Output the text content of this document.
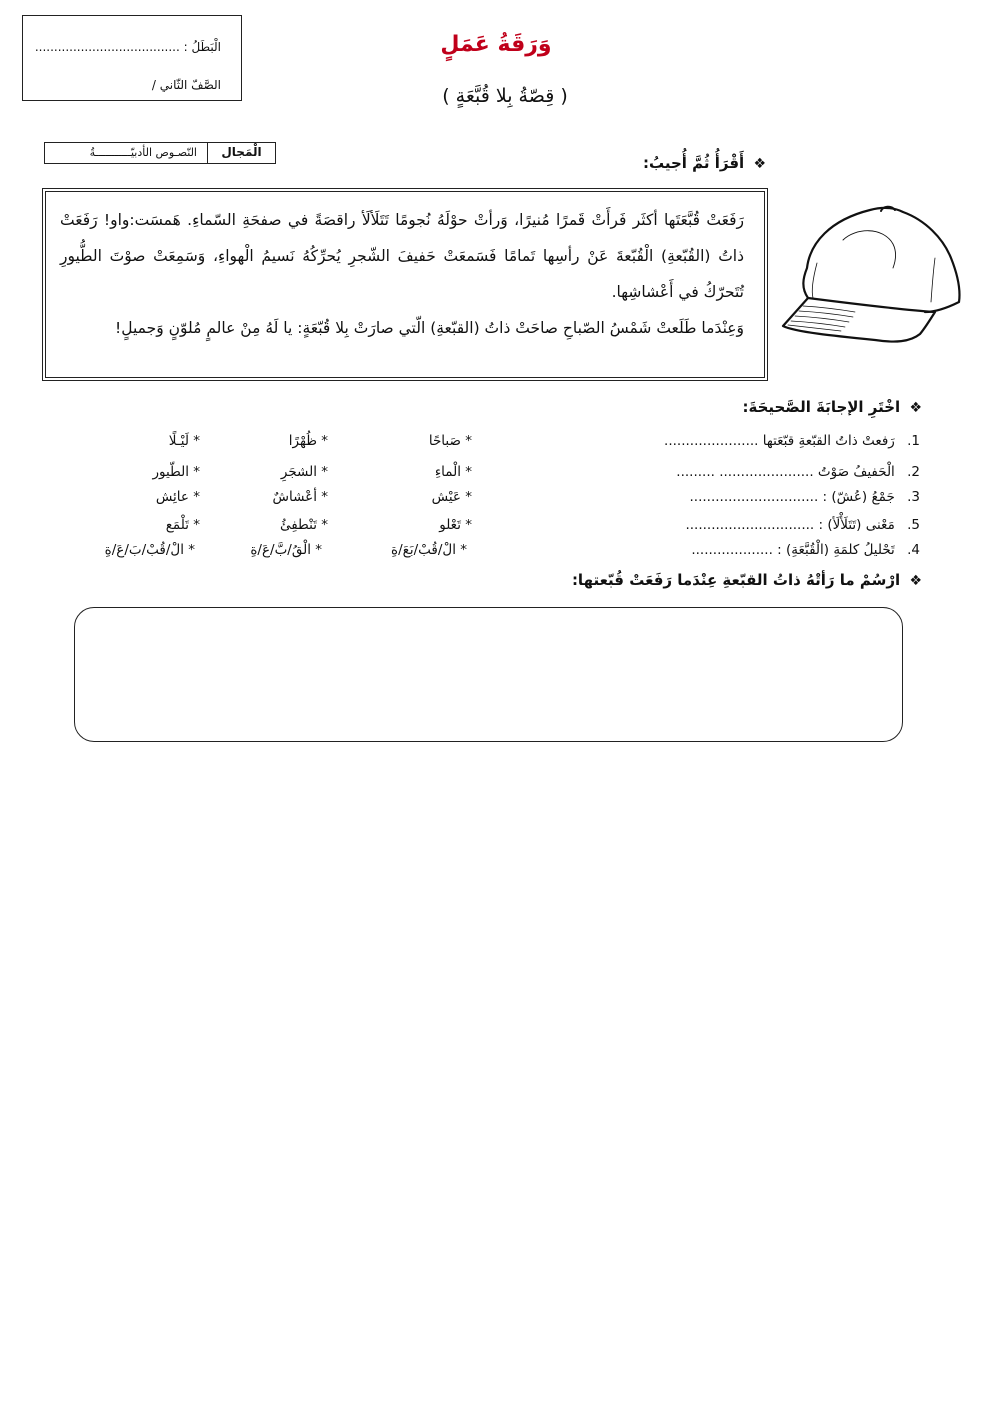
الْبَطَلُ : ......................................
الصَّفّ الثّاني /
وَرَقَةُ عَمَلٍ
( قِصّةُ بِلا قُبَّعَةٍ )
الْمَجال
النّصـوص الأدبيّـــــــــــةُ
❖ أَقْرَأُ ثُمَّ أُجيبُ:

رَفَعَتْ قُبَّعَتَها أكثَر فَرأَتْ قَمرًا مُنيرًا، وَرأتْ حوْلَهُ نُجومًا تَتَلَألَأ راقصَةً في صفحَةِ السّماءِ. هَمسَت:واو! رَفَعَتْ ذاتُ (القُبّعةِ) الْقُبّعةَ عَنْ رأسِها تَمامًا فَسَمعَتْ حَفيفَ الشّجرِ يُحرِّكُهُ نَسيمُ الْهواءِ، وَسَمِعَتْ صوْتَ الطُّيورِ تُتَحرّكُ في أَعْشاشِها.

وَعِنْدَما طَلَعتْ شَمْسُ الصّباحِ صاحَتْ ذاتُ (القبّعةِ) الّتي صارَتْ بِلا قُبّعَةٍ: يا لَهُ مِنْ عالمٍ مُلوّنٍ وَجميلٍ!

❖ اخْتَرِ الإجابَةَ الصَّحيحَةَ:
1. رَفعتْ ذاتُ القبّعةِ قبّعَتها ......................
* صَباحًا
* ظُهْرًا
* لَيْـلًا
2. الْحَفيفُ صَوْتُ ...................... .........
* الْماءِ
* الشجَرِ
* الطّيور
3. جَمْعُ (عُشّ) : ..............................
* عَيْش
* أعْشاشٌ
* عائِش
5. مَعْنى (تَتَلَأْلَأ) : ..............................
* تَعْلو
* تَنْطفِئُ
* تَلْمَع
4. تَحْليلُ كلمَةِ (الْقُبَّعَةِ) : ...................
* الْ/قُبْ/بَعَ/ةِ
* الْقُ/بَّ/عَ/ةِ
* الْ/قُبْ/بَ/عَ/ةِ
❖ ارْسُمْ ما رَأتْهُ ذاتُ القبّعةِ عِنْدَما رَفَعَتْ قُبّعتها:
